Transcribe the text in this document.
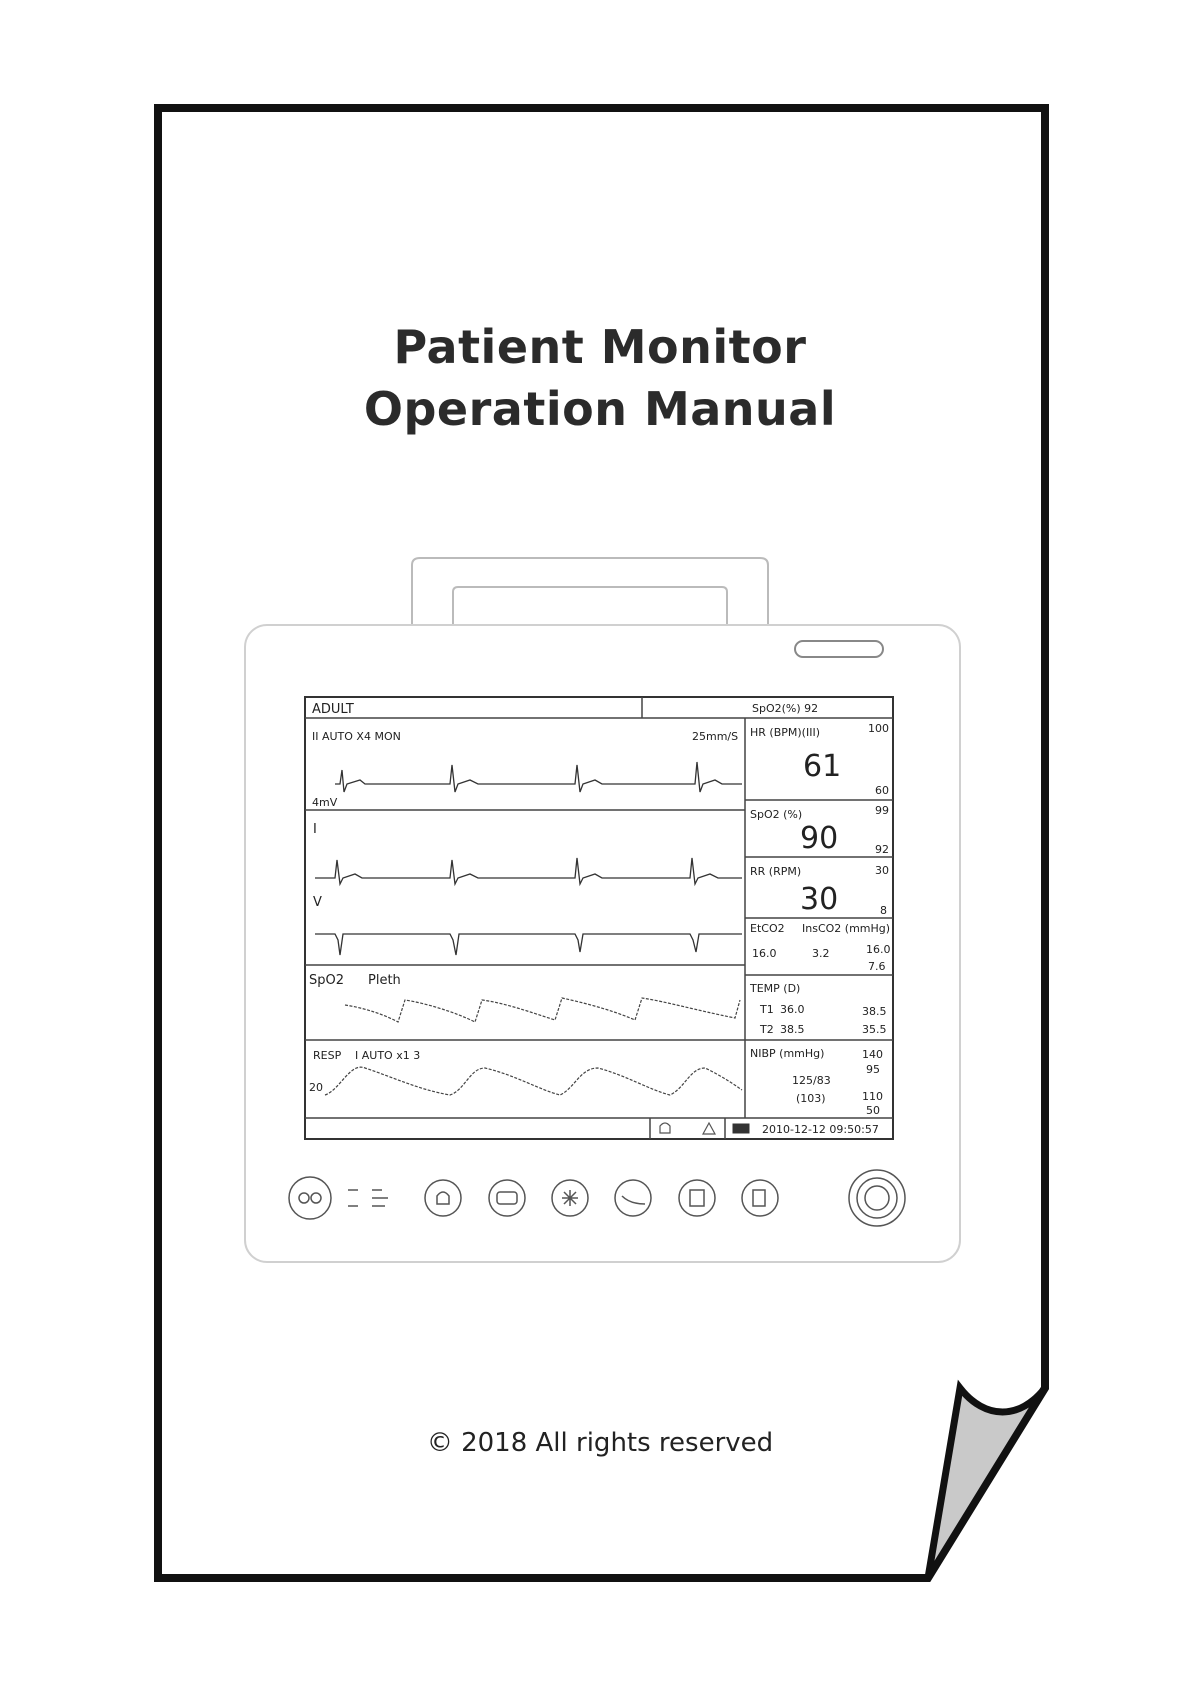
ADULT	SpO2(%) 92
II AUTO X4 MON	25mm/S
4mV
I
V
SpO2 Pleth
RESP I AUTO x1 3
20
HR (BPM)(III)	100
61
60
SpO2 (%)	99
90	92
RR (RPM)	30
30	8
EtCO2 InsCO2 (mmHg)
16.0	3.2	16.0
7.6
TEMP (D)
T1 36.0	38.5
T2 38.5	35.5
NIBP (mmHg)
125/83
(103)
140
95
110
50
2010-12-12 09:50:57
Patient Monitor
Operation Manual
© 2018 All rights reserved
